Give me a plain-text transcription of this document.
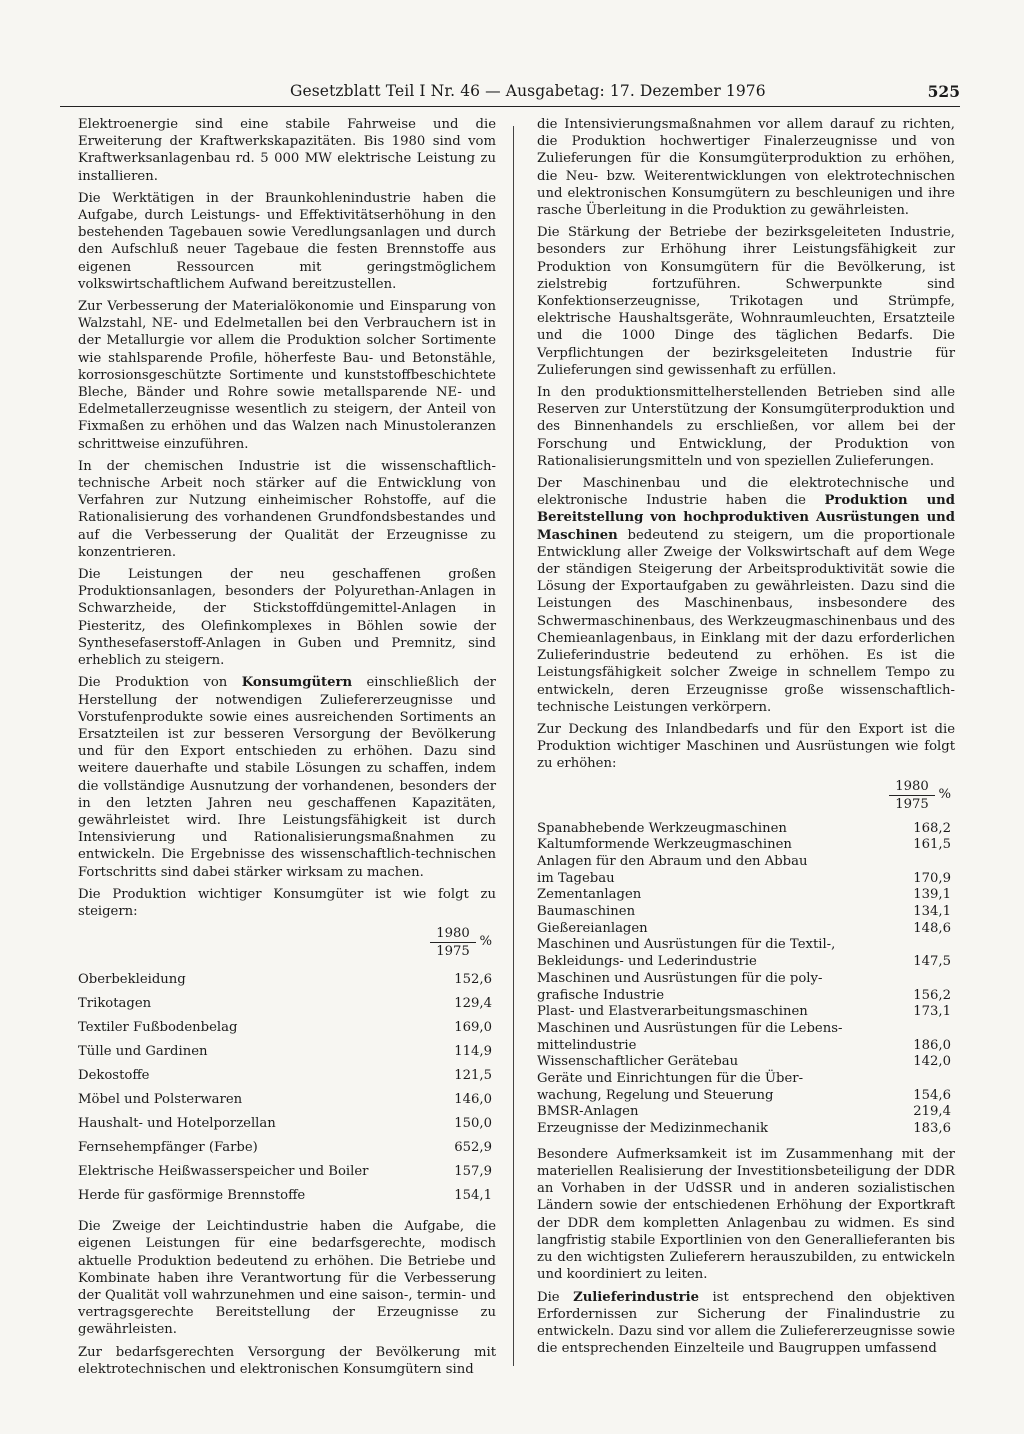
Gesetzblatt Teil I Nr. 46 — Ausgabetag: 17. Dezember 1976	525

Elektroenergie sind eine stabile Fahrweise und die Erweiterung der Kraftwerkskapazitäten. Bis 1980 sind vom Kraftwerksanlagenbau rd. 5 000 MW elektrische Leistung zu installieren.

Die Werktätigen in der Braunkohlenindustrie haben die Aufgabe, durch Leistungs- und Effektivitätserhöhung in den bestehenden Tagebauen sowie Veredlungsanlagen und durch den Aufschluß neuer Tagebaue die festen Brennstoffe aus eigenen Ressourcen mit geringstmöglichem volkswirtschaftlichem Aufwand bereitzustellen.

Zur Verbesserung der Materialökonomie und Einsparung von Walzstahl, NE- und Edelmetallen bei den Verbrauchern ist in der Metallurgie vor allem die Produktion solcher Sortimente wie stahlsparende Profile, höherfeste Bau- und Betonstähle, korrosionsgeschützte Sortimente und kunststoffbeschichtete Bleche, Bänder und Rohre sowie metallsparende NE- und Edelmetallerzeugnisse wesentlich zu steigern, der Anteil von Fixmaßen zu erhöhen und das Walzen nach Minustoleranzen schrittweise einzuführen.

In der chemischen Industrie ist die wissenschaftlich-technische Arbeit noch stärker auf die Entwicklung von Verfahren zur Nutzung einheimischer Rohstoffe, auf die Rationalisierung des vorhandenen Grundfondsbestandes und auf die Verbesserung der Qualität der Erzeugnisse zu konzentrieren.

Die Leistungen der neu geschaffenen großen Produktionsanlagen, besonders der Polyurethan-Anlagen in Schwarzheide, der Stickstoffdüngemittel-Anlagen in Piesteritz, des Olefinkomplexes in Böhlen sowie der Synthesefaserstoff-Anlagen in Guben und Premnitz, sind erheblich zu steigern.

Die Produktion von Konsumgütern einschließlich der Herstellung der notwendigen Zuliefererzeugnisse und Vorstufenprodukte sowie eines ausreichenden Sortiments an Ersatzteilen ist zur besseren Versorgung der Bevölkerung und für den Export entschieden zu erhöhen. Dazu sind weitere dauerhafte und stabile Lösungen zu schaffen, indem die vollständige Ausnutzung der vorhandenen, besonders der in den letzten Jahren neu geschaffenen Kapazitäten, gewährleistet wird. Ihre Leistungsfähigkeit ist durch Intensivierung und Rationalisierungsmaßnahmen zu entwickeln. Die Ergebnisse des wissenschaftlich-technischen Fortschritts sind dabei stärker wirksam zu machen.

Die Produktion wichtiger Konsumgüter ist wie folgt zu steigern:

$\frac{1980}{1975}$ %
Oberbekleidung	152,6
Trikotagen	129,4
Textiler Fußbodenbelag	169,0
Tülle und Gardinen	114,9
Dekostoffe	121,5
Möbel und Polsterwaren	146,0
Haushalt- und Hotelporzellan	150,0
Fernsehempfänger (Farbe)	652,9
Elektrische Heißwasserspeicher und Boiler	157,9
Herde für gasförmige Brennstoffe	154,1

Die Zweige der Leichtindustrie haben die Aufgabe, die eigenen Leistungen für eine bedarfsgerechte, modisch aktuelle Produktion bedeutend zu erhöhen. Die Betriebe und Kombinate haben ihre Verantwortung für die Verbesserung der Qualität voll wahrzunehmen und eine saison-, termin- und vertragsgerechte Bereitstellung der Erzeugnisse zu gewährleisten.

Zur bedarfsgerechten Versorgung der Bevölkerung mit elektrotechnischen und elektronischen Konsumgütern sind

die Intensivierungsmaßnahmen vor allem darauf zu richten, die Produktion hochwertiger Finalerzeugnisse und von Zulieferungen für die Konsumgüterproduktion zu erhöhen, die Neu- bzw. Weiterentwicklungen von elektrotechnischen und elektronischen Konsumgütern zu beschleunigen und ihre rasche Überleitung in die Produktion zu gewährleisten.

Die Stärkung der Betriebe der bezirksgeleiteten Industrie, besonders zur Erhöhung ihrer Leistungsfähigkeit zur Produktion von Konsumgütern für die Bevölkerung, ist zielstrebig fortzuführen. Schwerpunkte sind Konfektionserzeugnisse, Trikotagen und Strümpfe, elektrische Haushaltsgeräte, Wohnraumleuchten, Ersatzteile und die 1000 Dinge des täglichen Bedarfs. Die Verpflichtungen der bezirksgeleiteten Industrie für Zulieferungen sind gewissenhaft zu erfüllen.

In den produktionsmittelherstellenden Betrieben sind alle Reserven zur Unterstützung der Konsumgüterproduktion und des Binnenhandels zu erschließen, vor allem bei der Forschung und Entwicklung, der Produktion von Rationalisierungsmitteln und von speziellen Zulieferungen.

Der Maschinenbau und die elektrotechnische und elektronische Industrie haben die Produktion und Bereitstellung von hochproduktiven Ausrüstungen und Maschinen bedeutend zu steigern, um die proportionale Entwicklung aller Zweige der Volkswirtschaft auf dem Wege der ständigen Steigerung der Arbeitsproduktivität sowie die Lösung der Exportaufgaben zu gewährleisten. Dazu sind die Leistungen des Maschinenbaus, insbesondere des Schwermaschinenbaus, des Werkzeugmaschinenbaus und des Chemieanlagenbaus, in Einklang mit der dazu erforderlichen Zulieferindustrie bedeutend zu erhöhen. Es ist die Leistungsfähigkeit solcher Zweige in schnellem Tempo zu entwickeln, deren Erzeugnisse große wissenschaftlich-technische Leistungen verkörpern.

Zur Deckung des Inlandbedarfs und für den Export ist die Produktion wichtiger Maschinen und Ausrüstungen wie folgt zu erhöhen:

$\frac{1980}{1975}$ %
Spanabhebende Werkzeugmaschinen	168,2
Kaltumformende Werkzeugmaschinen	161,5
Anlagen für den Abraum und den Abbau
im Tagebau	170,9
Zementanlagen	139,1
Baumaschinen	134,1
Gießereianlagen	148,6
Maschinen und Ausrüstungen für die Textil-,
Bekleidungs- und Lederindustrie	147,5
Maschinen und Ausrüstungen für die poly-
grafische Industrie	156,2
Plast- und Elastverarbeitungsmaschinen	173,1
Maschinen und Ausrüstungen für die Lebens-
mittelindustrie	186,0
Wissenschaftlicher Gerätebau	142,0
Geräte und Einrichtungen für die Über-
wachung, Regelung und Steuerung	154,6
BMSR-Anlagen	219,4
Erzeugnisse der Medizinmechanik	183,6

Besondere Aufmerksamkeit ist im Zusammenhang mit der materiellen Realisierung der Investitionsbeteiligung der DDR an Vorhaben in der UdSSR und in anderen sozialistischen Ländern sowie der entschiedenen Erhöhung der Exportkraft der DDR dem kompletten Anlagenbau zu widmen. Es sind langfristig stabile Exportlinien von den Generallieferanten bis zu den wichtigsten Zulieferern herauszubilden, zu entwickeln und koordiniert zu leiten.

Die Zulieferindustrie ist entsprechend den objektiven Erfordernissen zur Sicherung der Finalindustrie zu entwickeln. Dazu sind vor allem die Zuliefererzeugnisse sowie die entsprechenden Einzelteile und Baugruppen umfassend
